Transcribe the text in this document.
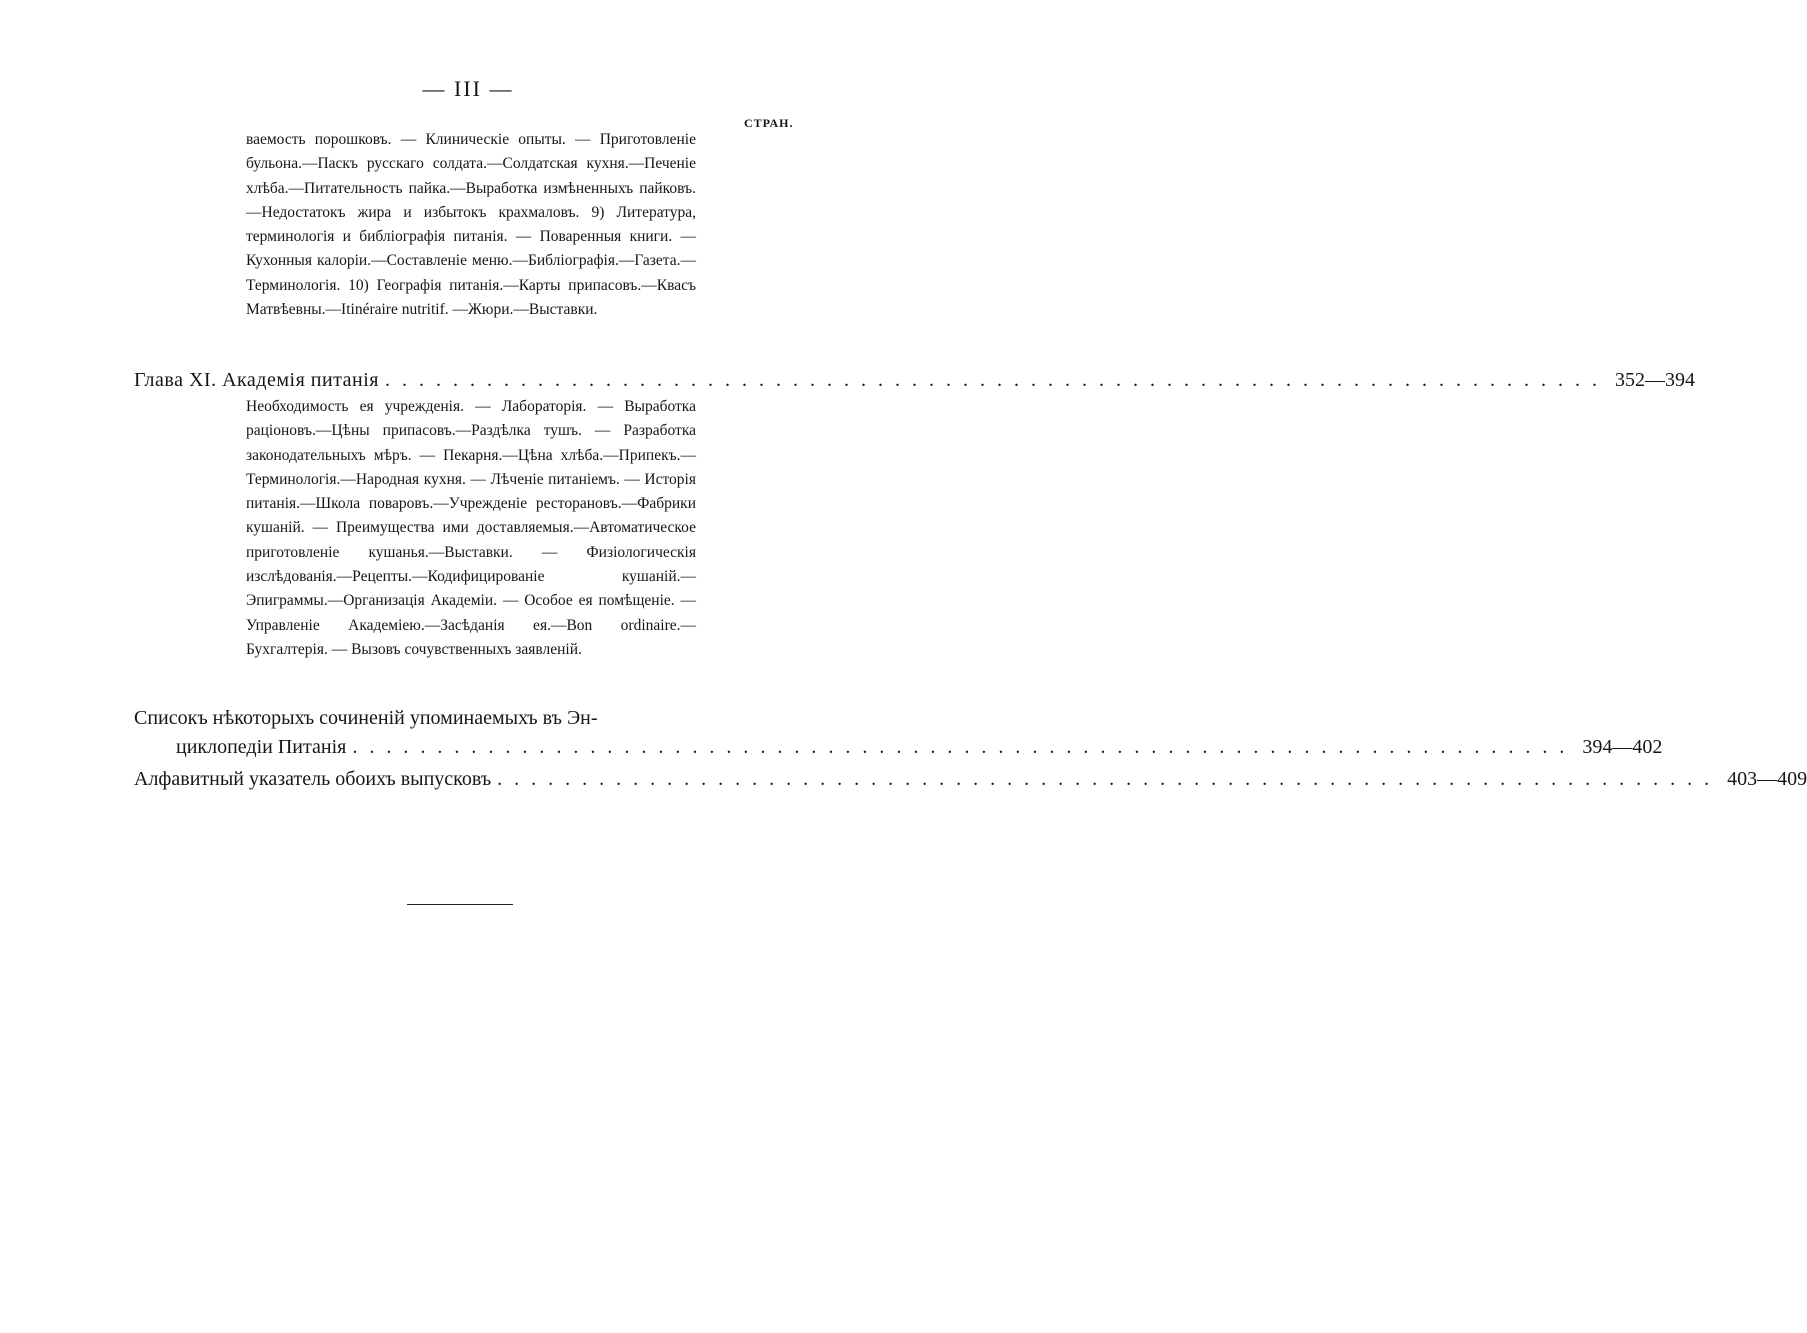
— III —
СТРАН.
ваемость порошковъ. — Клиническіе опыты. — Приготовленіе бульона.—Паскъ русскаго солдата.—Солдатская кухня.—Печеніе хлѣба.—Питательность пайка.—Выработка измѣненныхъ пайковъ.—Недостатокъ жира и избытокъ крахмаловъ. 9) Литература, терминологія и библіографія питанія. — Поваренныя книги. — Кухонныя калоріи.—Составленіе меню.—Библіографія.—Газета.—Терминологія. 10) Географія питанія.—Карты припасовъ.—Квасъ Матвѣевны.—Itinéraire nutritif. —Жюри.—Выставки.
Глава XI. Академія питанія ........................................................................ 352—394
Необходимость ея учрежденія. — Лабораторія. — Выработка раціоновъ.—Цѣны припасовъ.—Раздѣлка тушъ. — Разработка законодательныхъ мѣръ. — Пекарня.—Цѣна хлѣба.—Припекъ.—Терминологія.—Народная кухня. — Лѣченіе питаніемъ. — Исторія питанія.—Школа поваровъ.—Учрежденіе ресторановъ.—Фабрики кушаній. — Преимущества ими доставляемыя.—Автоматическое приготовленіе кушанья.—Выставки. — Физіологическія изслѣдованія.—Рецепты.—Кодифицированіе кушаній.—Эпиграммы.—Организація Академіи. — Особое ея помѣщеніе. — Управленіе Академіею.—Засѣданія ея.—Bon ordinaire.—Бухгалтерія. — Вызовъ сочувственныхъ заявленій.
Списокъ нѣкоторыхъ сочиненій упоминаемыхъ въ Эн-
циклопедіи Питанія ........................................................................ 394—402
Алфавитный указатель обоихъ выпусковъ ........................................................................ 403—409
